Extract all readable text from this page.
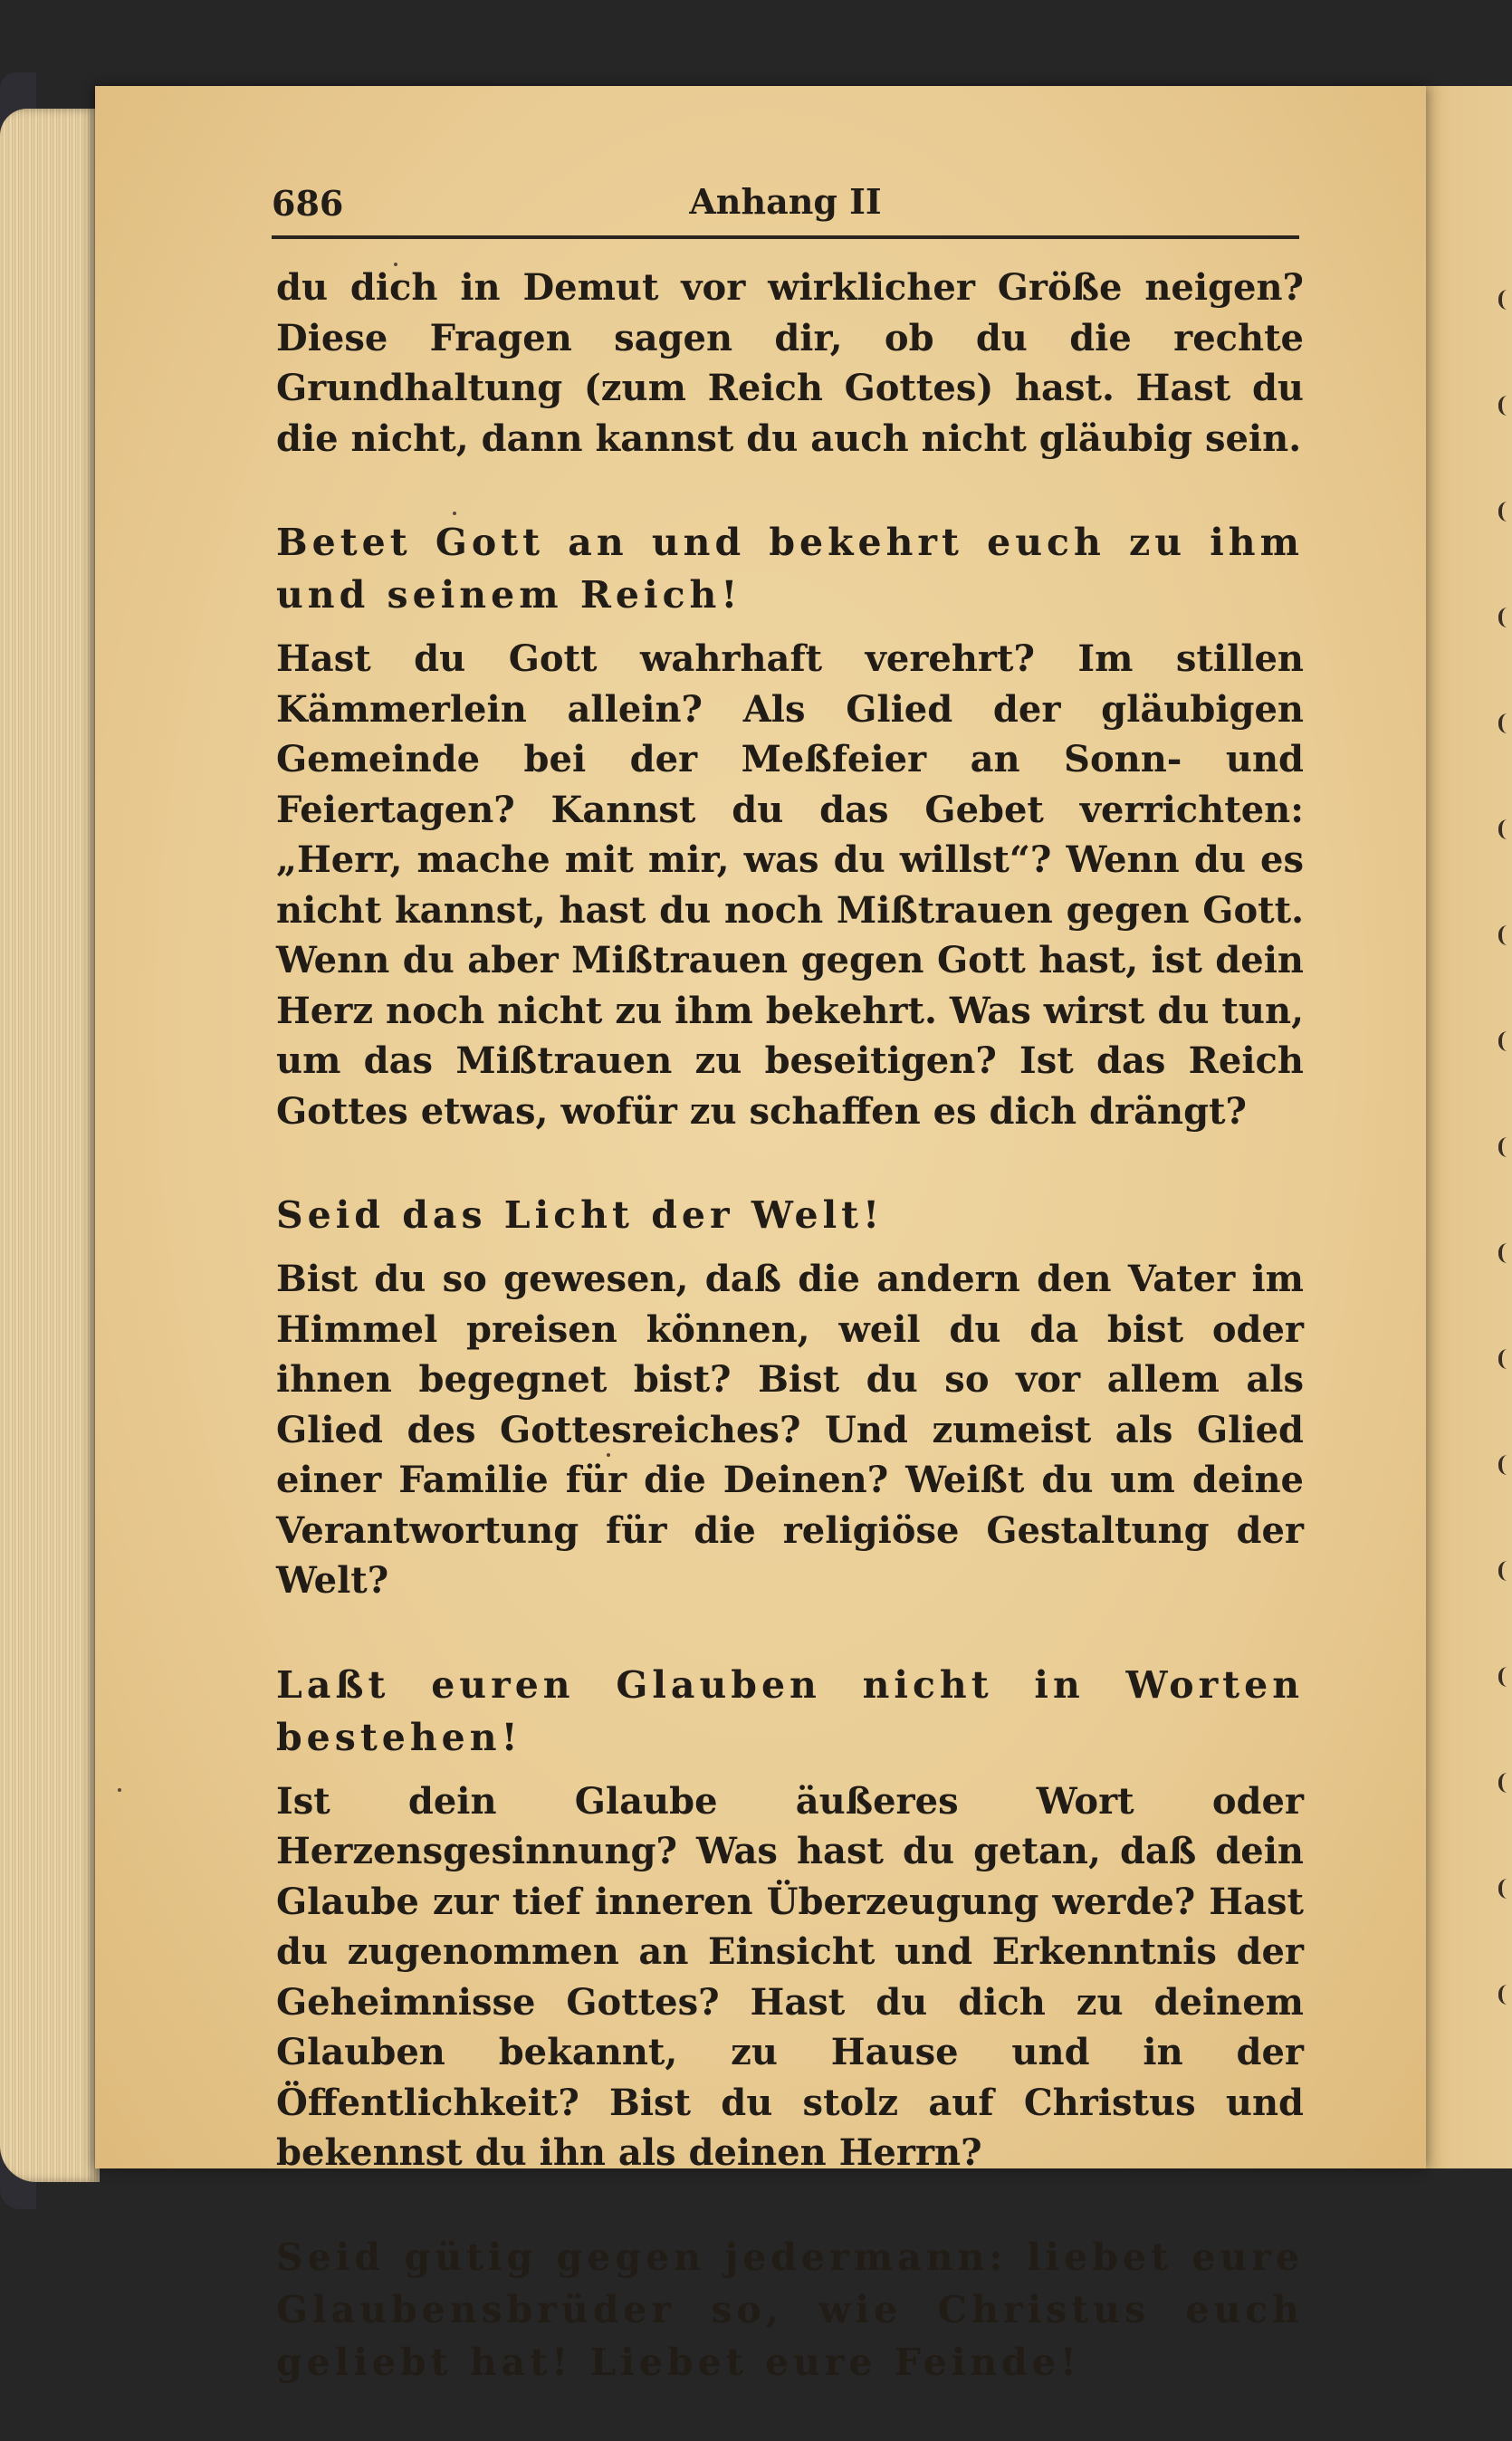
686	Anhang II

du dich in Demut vor wirklicher Größe neigen? Diese Fragen sagen dir, ob du die rechte Grundhaltung (zum Reich Gottes) hast. Hast du die nicht, dann kannst du auch nicht gläubig sein.

Betet Gott an und bekehrt euch zu ihm und seinem Reich!

Hast du Gott wahrhaft verehrt? Im stillen Kämmerlein allein? Als Glied der gläubigen Gemeinde bei der Meßfeier an Sonn- und Feiertagen? Kannst du das Gebet verrichten: „Herr, mache mit mir, was du willst“? Wenn du es nicht kannst, hast du noch Mißtrauen gegen Gott. Wenn du aber Mißtrauen gegen Gott hast, ist dein Herz noch nicht zu ihm bekehrt. Was wirst du tun, um das Mißtrauen zu beseitigen? Ist das Reich Gottes etwas, wofür zu schaffen es dich drängt?

Seid das Licht der Welt!

Bist du so gewesen, daß die andern den Vater im Himmel preisen können, weil du da bist oder ihnen begegnet bist? Bist du so vor allem als Glied des Gottesreiches? Und zumeist als Glied einer Familie für die Deinen? Weißt du um deine Verantwortung für die religiöse Gestaltung der Welt?

Laßt euren Glauben nicht in Worten bestehen!

Ist dein Glaube äußeres Wort oder Herzensgesinnung? Was hast du getan, daß dein Glaube zur tief inneren Überzeugung werde? Hast du zugenommen an Einsicht und Erkenntnis der Geheimnisse Gottes? Hast du dich zu deinem Glauben bekannt, zu Hause und in der Öffentlichkeit? Bist du stolz auf Christus und bekennst du ihn als deinen Herrn?

Seid gütig gegen jedermann: liebet eure Glaubensbrüder so, wie Christus euch geliebt hat! Liebet eure Feinde!
